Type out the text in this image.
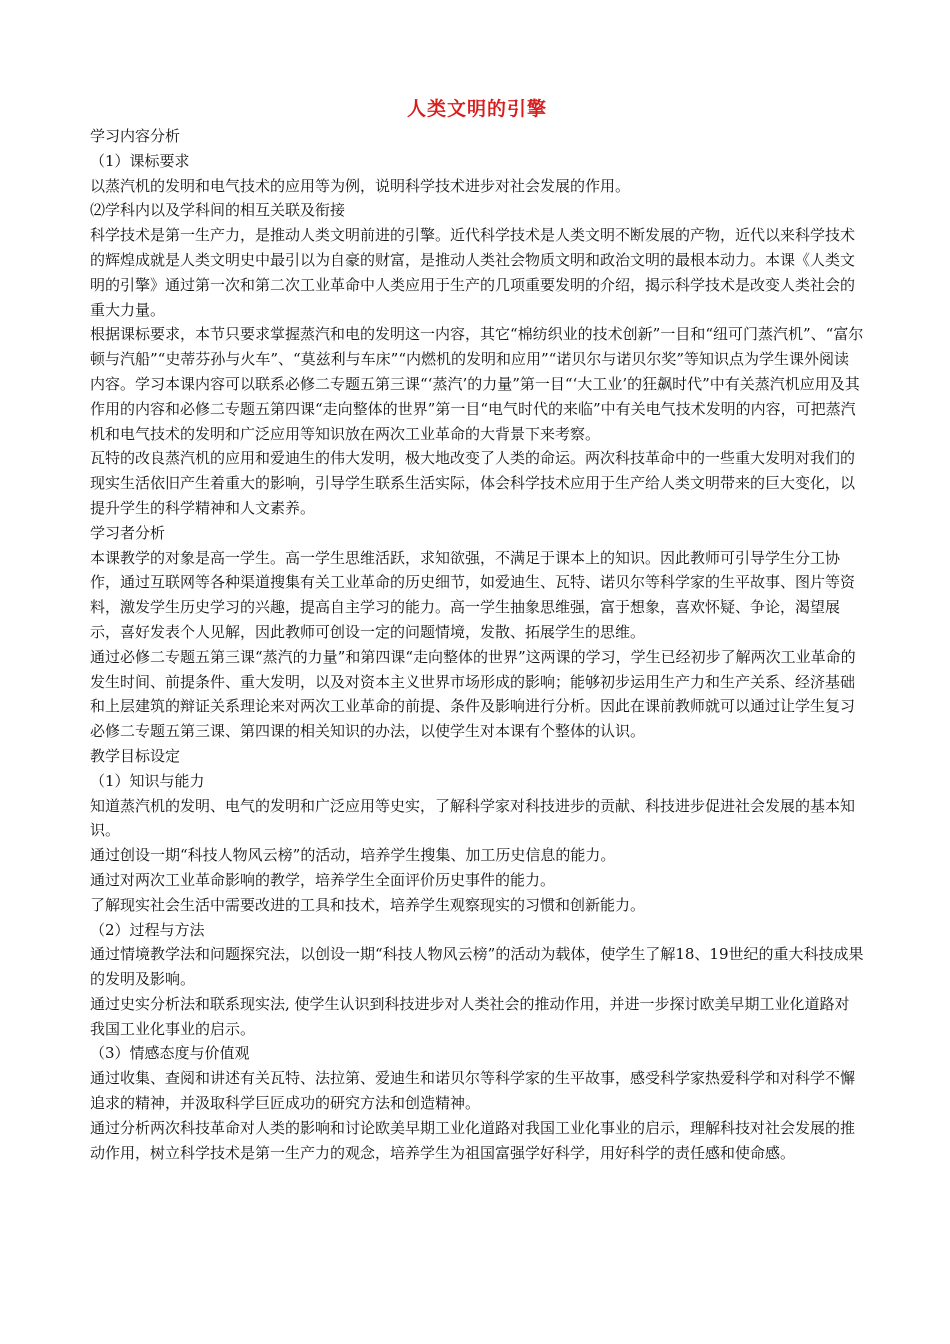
人类文明的引擎

学习内容分析

（1）课标要求

以蒸汽机的发明和电气技术的应用等为例，说明科学技术进步对社会发展的作用。

⑵学科内以及学科间的相互关联及衔接

科学技术是第一生产力，是推动人类文明前进的引擎。近代科学技术是人类文明不断发展的产物，近代以来科学技术的辉煌成就是人类文明史中最引以为自豪的财富，是推动人类社会物质文明和政治文明的最根本动力。本课《人类文明的引擎》通过第一次和第二次工业革命中人类应用于生产的几项重要发明的介绍，揭示科学技术是改变人类社会的重大力量。

根据课标要求，本节只要求掌握蒸汽和电的发明这一内容，其它“棉纺织业的技术创新”一目和“纽可门蒸汽机”、“富尔顿与汽船”“史蒂芬孙与火车”、“莫兹利与车床”“内燃机的发明和应用”“诺贝尔与诺贝尔奖”等知识点为学生课外阅读内容。学习本课内容可以联系必修二专题五第三课“‘蒸汽’的力量”第一目“‘大工业’的狂飙时代”中有关蒸汽机应用及其作用的内容和必修二专题五第四课“走向整体的世界”第一目“电气时代的来临”中有关电气技术发明的内容，可把蒸汽机和电气技术的发明和广泛应用等知识放在两次工业革命的大背景下来考察。

瓦特的改良蒸汽机的应用和爱迪生的伟大发明，极大地改变了人类的命运。两次科技革命中的一些重大发明对我们的现实生活依旧产生着重大的影响，引导学生联系生活实际，体会科学技术应用于生产给人类文明带来的巨大变化，以提升学生的科学精神和人文素养。

学习者分析

本课教学的对象是高一学生。高一学生思维活跃，求知欲强，不满足于课本上的知识。因此教师可引导学生分工协作，通过互联网等各种渠道搜集有关工业革命的历史细节，如爱迪生、瓦特、诺贝尔等科学家的生平故事、图片等资料，激发学生历史学习的兴趣，提高自主学习的能力。高一学生抽象思维强，富于想象，喜欢怀疑、争论，渴望展示，喜好发表个人见解，因此教师可创设一定的问题情境，发散、拓展学生的思维。

通过必修二专题五第三课“蒸汽的力量”和第四课“走向整体的世界”这两课的学习，学生已经初步了解两次工业革命的发生时间、前提条件、重大发明，以及对资本主义世界市场形成的影响；能够初步运用生产力和生产关系、经济基础和上层建筑的辩证关系理论来对两次工业革命的前提、条件及影响进行分析。因此在课前教师就可以通过让学生复习必修二专题五第三课、第四课的相关知识的办法，以使学生对本课有个整体的认识。

教学目标设定

（1）知识与能力

知道蒸汽机的发明、电气的发明和广泛应用等史实，了解科学家对科技进步的贡献、科技进步促进社会发展的基本知识。

通过创设一期“科技人物风云榜”的活动，培养学生搜集、加工历史信息的能力。

通过对两次工业革命影响的教学，培养学生全面评价历史事件的能力。

了解现实社会生活中需要改进的工具和技术，培养学生观察现实的习惯和创新能力。

（2）过程与方法

通过情境教学法和问题探究法，以创设一期“科技人物风云榜”的活动为载体，使学生了解18、19世纪的重大科技成果的发明及影响。

通过史实分析法和联系现实法, 使学生认识到科技进步对人类社会的推动作用，并进一步探讨欧美早期工业化道路对我国工业化事业的启示。

（3）情感态度与价值观

通过收集、查阅和讲述有关瓦特、法拉第、爱迪生和诺贝尔等科学家的生平故事，感受科学家热爱科学和对科学不懈追求的精神，并汲取科学巨匠成功的研究方法和创造精神。

通过分析两次科技革命对人类的影响和讨论欧美早期工业化道路对我国工业化事业的启示，理解科技对社会发展的推动作用，树立科学技术是第一生产力的观念，培养学生为祖国富强学好科学，用好科学的责任感和使命感。
